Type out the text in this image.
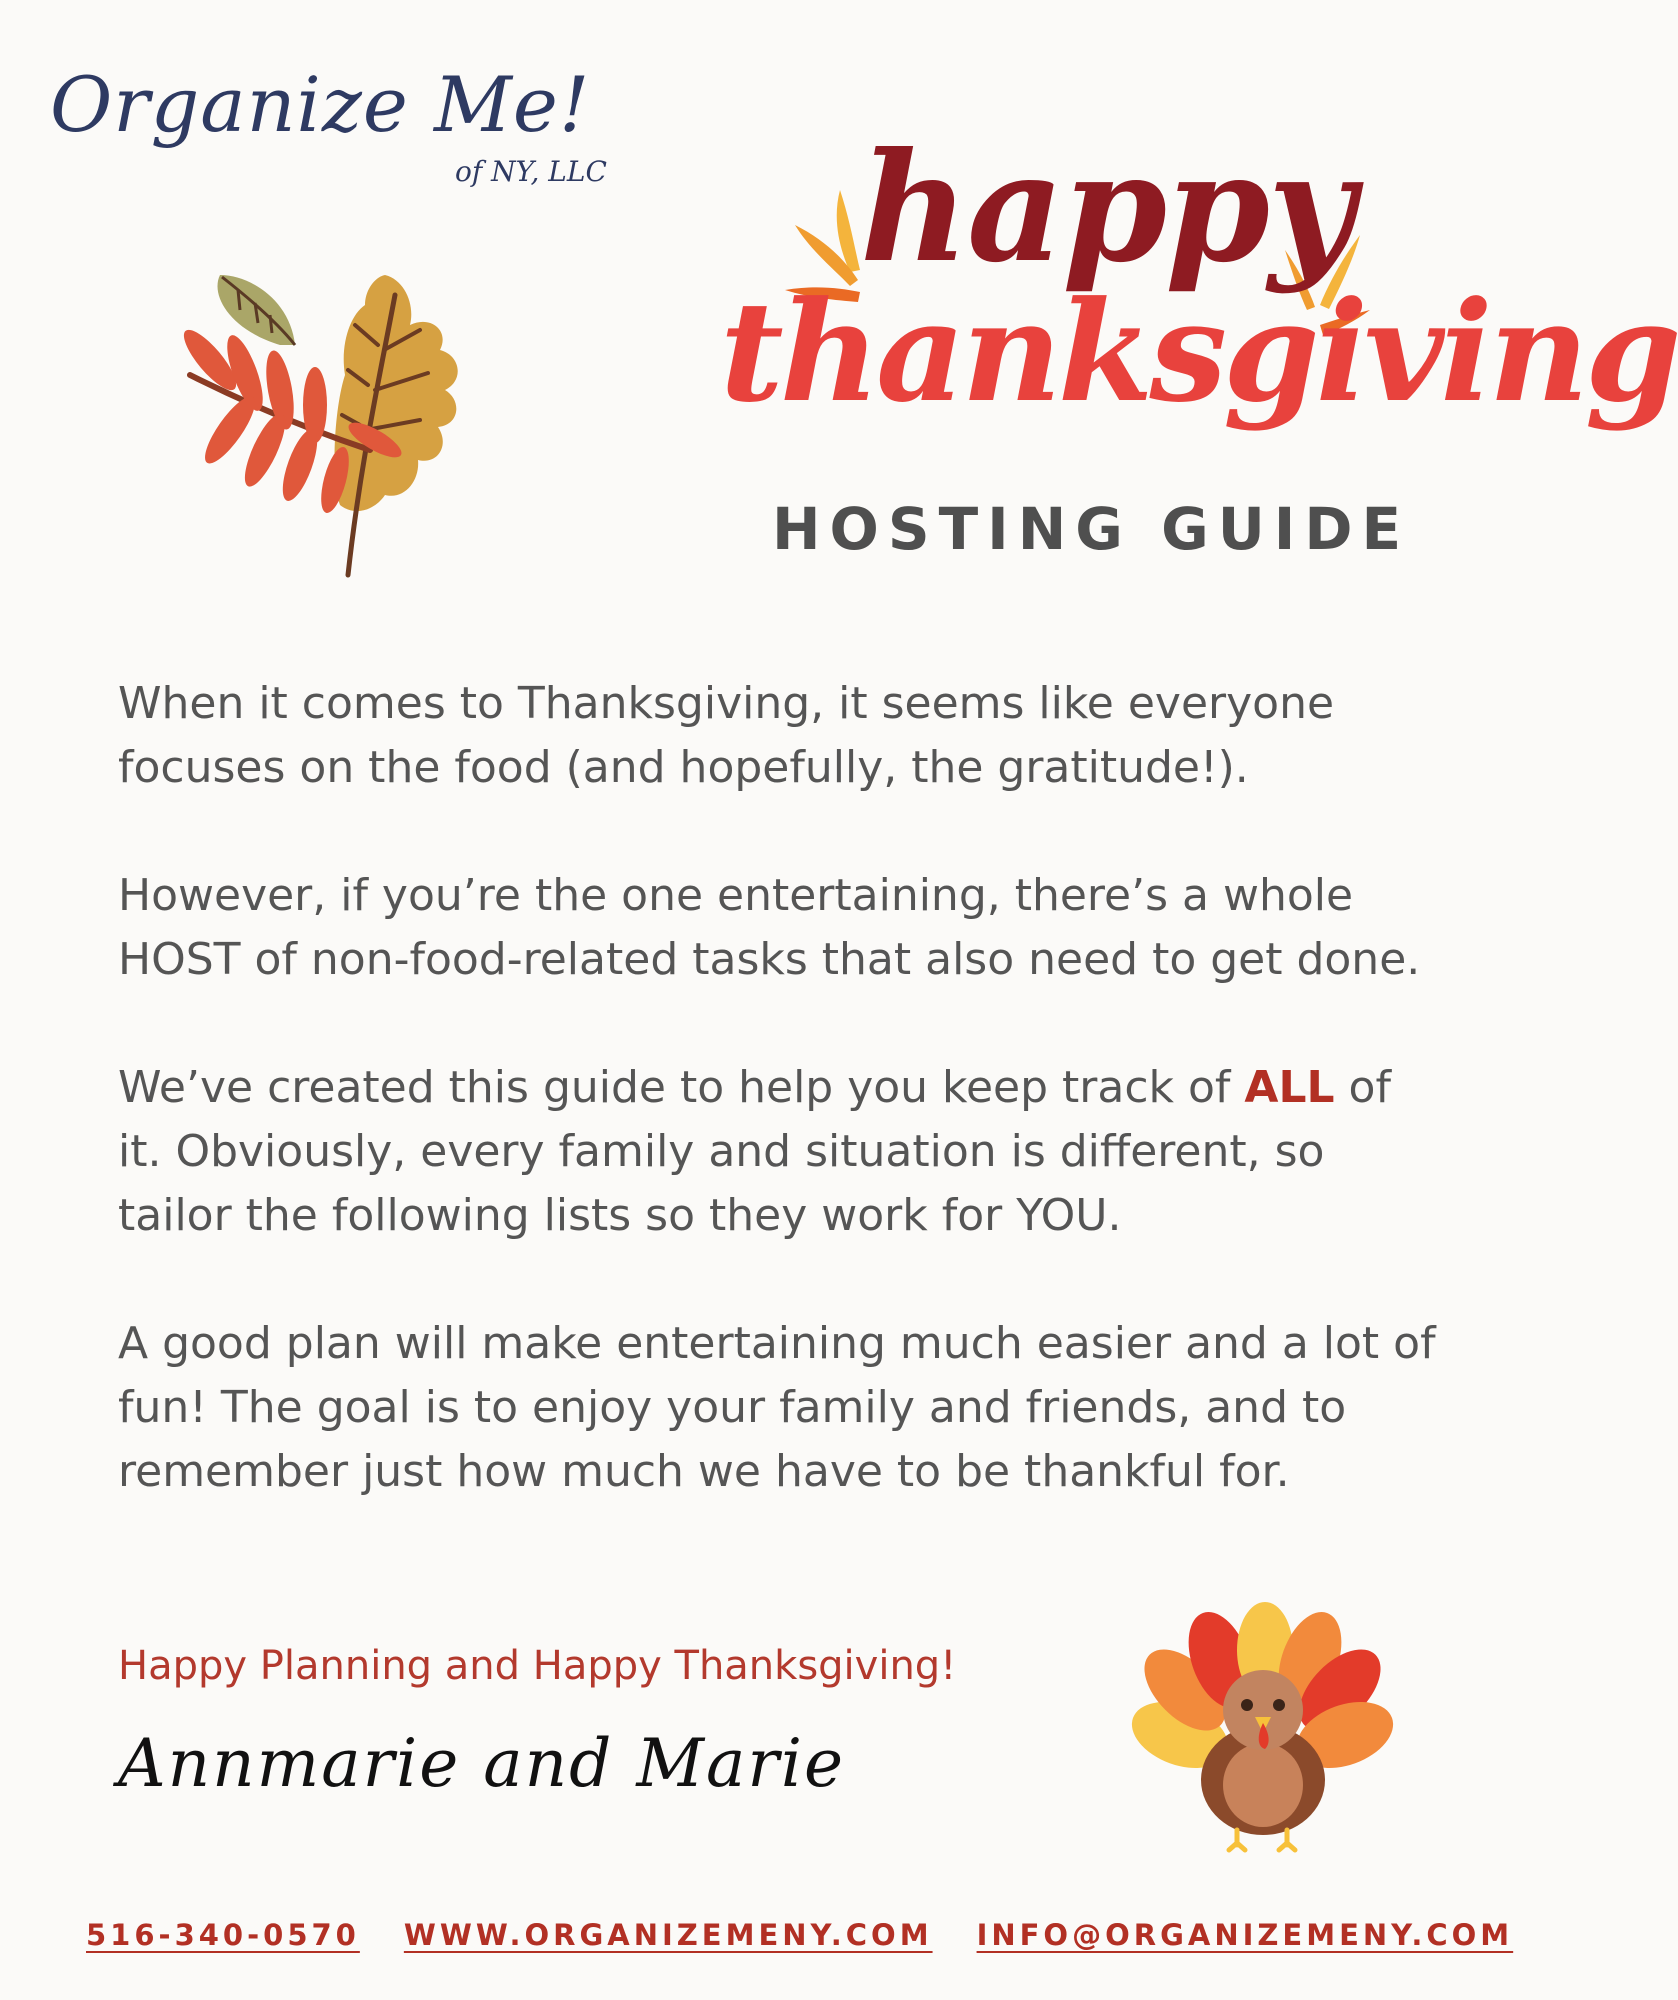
Organize Me!
of NY, LLC happy
thanksgiving
HOSTING GUIDE

When it comes to Thanksgiving, it seems like everyone focuses on the food (and hopefully, the gratitude!).

However, if you’re the one entertaining, there’s a whole HOST of non-food-related tasks that also need to get done.

We’ve created this guide to help you keep track of ALL of it. Obviously, every family and situation is different, so tailor the following lists so they work for YOU.

A good plan will make entertaining much easier and a lot of fun! The goal is to enjoy your family and friends, and to remember just how much we have to be thankful for.

Happy Planning and Happy Thanksgiving!
Annmarie and Marie
516-340-0570 WWW.ORGANIZEMENY.COM INFO@ORGANIZEMENY.COM
